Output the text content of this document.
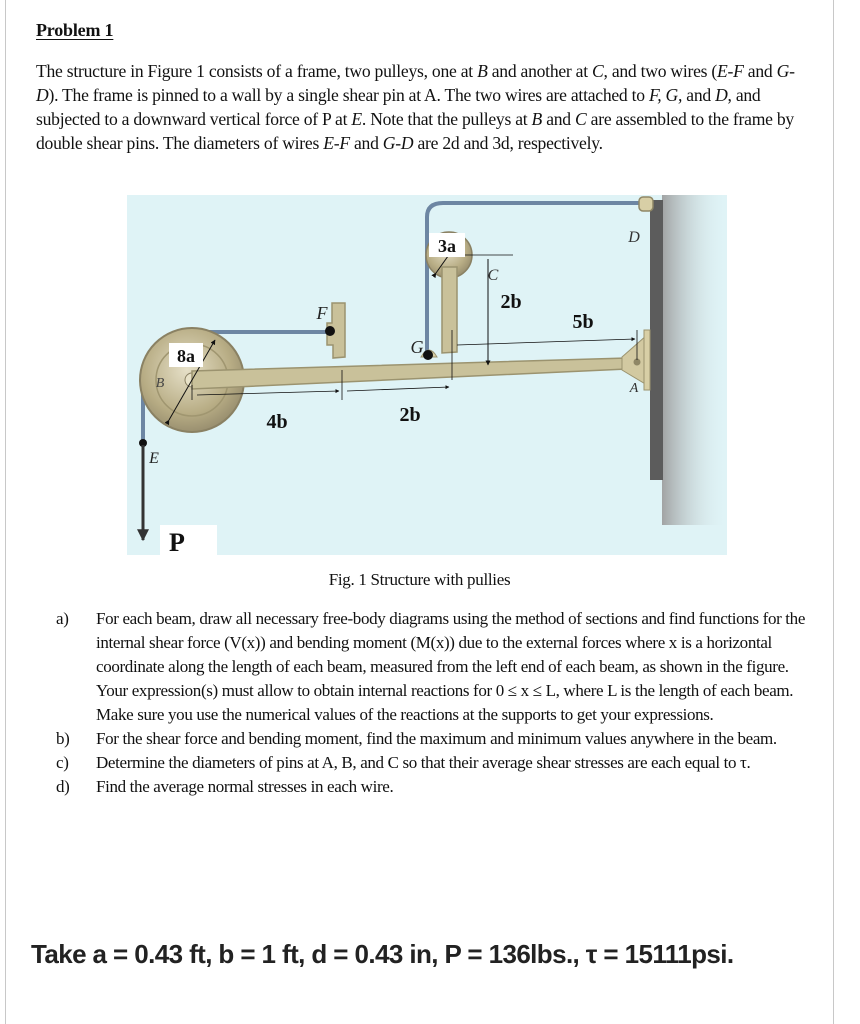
Problem 1
The structure in Figure 1 consists of a frame, two pulleys, one at B and another at C, and two wires (E-F and G-D). The frame is pinned to a wall by a single shear pin at A. The two wires are attached to F, G, and D, and subjected to a downward vertical force of P at E. Note that the pulleys at B and C are assembled to the frame by double shear pins. The diameters of wires E-F and G-D are 2d and 3d, respectively.
8a
3a
4b	2b
2b
5b
F
G
C
D
A
B
E
P
Fig. 1 Structure with pullies
a)	For each beam, draw all necessary free-body diagrams using the method of sections and find functions for the internal shear force (V(x)) and bending moment (M(x)) due to the external forces where x is a horizontal coordinate along the length of each beam, measured from the left end of each beam, as shown in the figure. Your expression(s) must allow to obtain internal reactions for 0 ≤ x ≤ L, where L is the length of each beam. Make sure you use the numerical values of the reactions at the supports to get your expressions.
b)	For the shear force and bending moment, find the maximum and minimum values anywhere in the beam.
c)	Determine the diameters of pins at A, B, and C so that their average shear stresses are each equal to τ.
d)	Find the average normal stresses in each wire.
Take a = 0.43 ft, b = 1 ft, d = 0.43 in, P = 136lbs., τ = 15111psi.
